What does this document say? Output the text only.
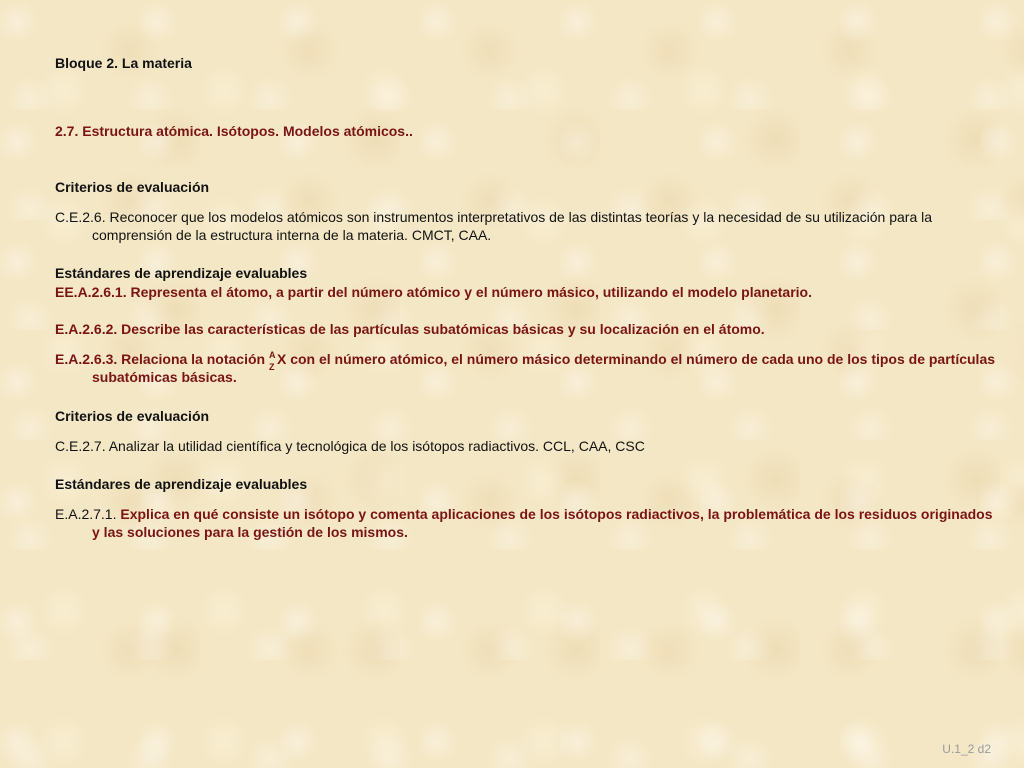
Bloque 2. La materia
2.7. Estructura atómica. Isótopos. Modelos atómicos..
Criterios de evaluación
C.E.2.6. Reconocer que los modelos atómicos son instrumentos interpretativos de las distintas teorías y la necesidad de su utilización para la comprensión de la estructura interna de la materia. CMCT, CAA.
Estándares de aprendizaje evaluables
EE.A.2.6.1. Representa el átomo, a partir del número atómico y el número másico, utilizando el modelo planetario.
E.A.2.6.2. Describe las características de las partículas subatómicas básicas y su localización en el átomo.
E.A.2.6.3. Relaciona la notación A
Z X con el número atómico, el número másico determinando el número de cada uno de los tipos de partículas subatómicas básicas.
Criterios de evaluación
C.E.2.7. Analizar la utilidad científica y tecnológica de los isótopos radiactivos. CCL, CAA, CSC
Estándares de aprendizaje evaluables
E.A.2.7.1. Explica en qué consiste un isótopo y comenta aplicaciones de los isótopos radiactivos, la problemática de los residuos originados y las soluciones para la gestión de los mismos.
U.1_2 d2
